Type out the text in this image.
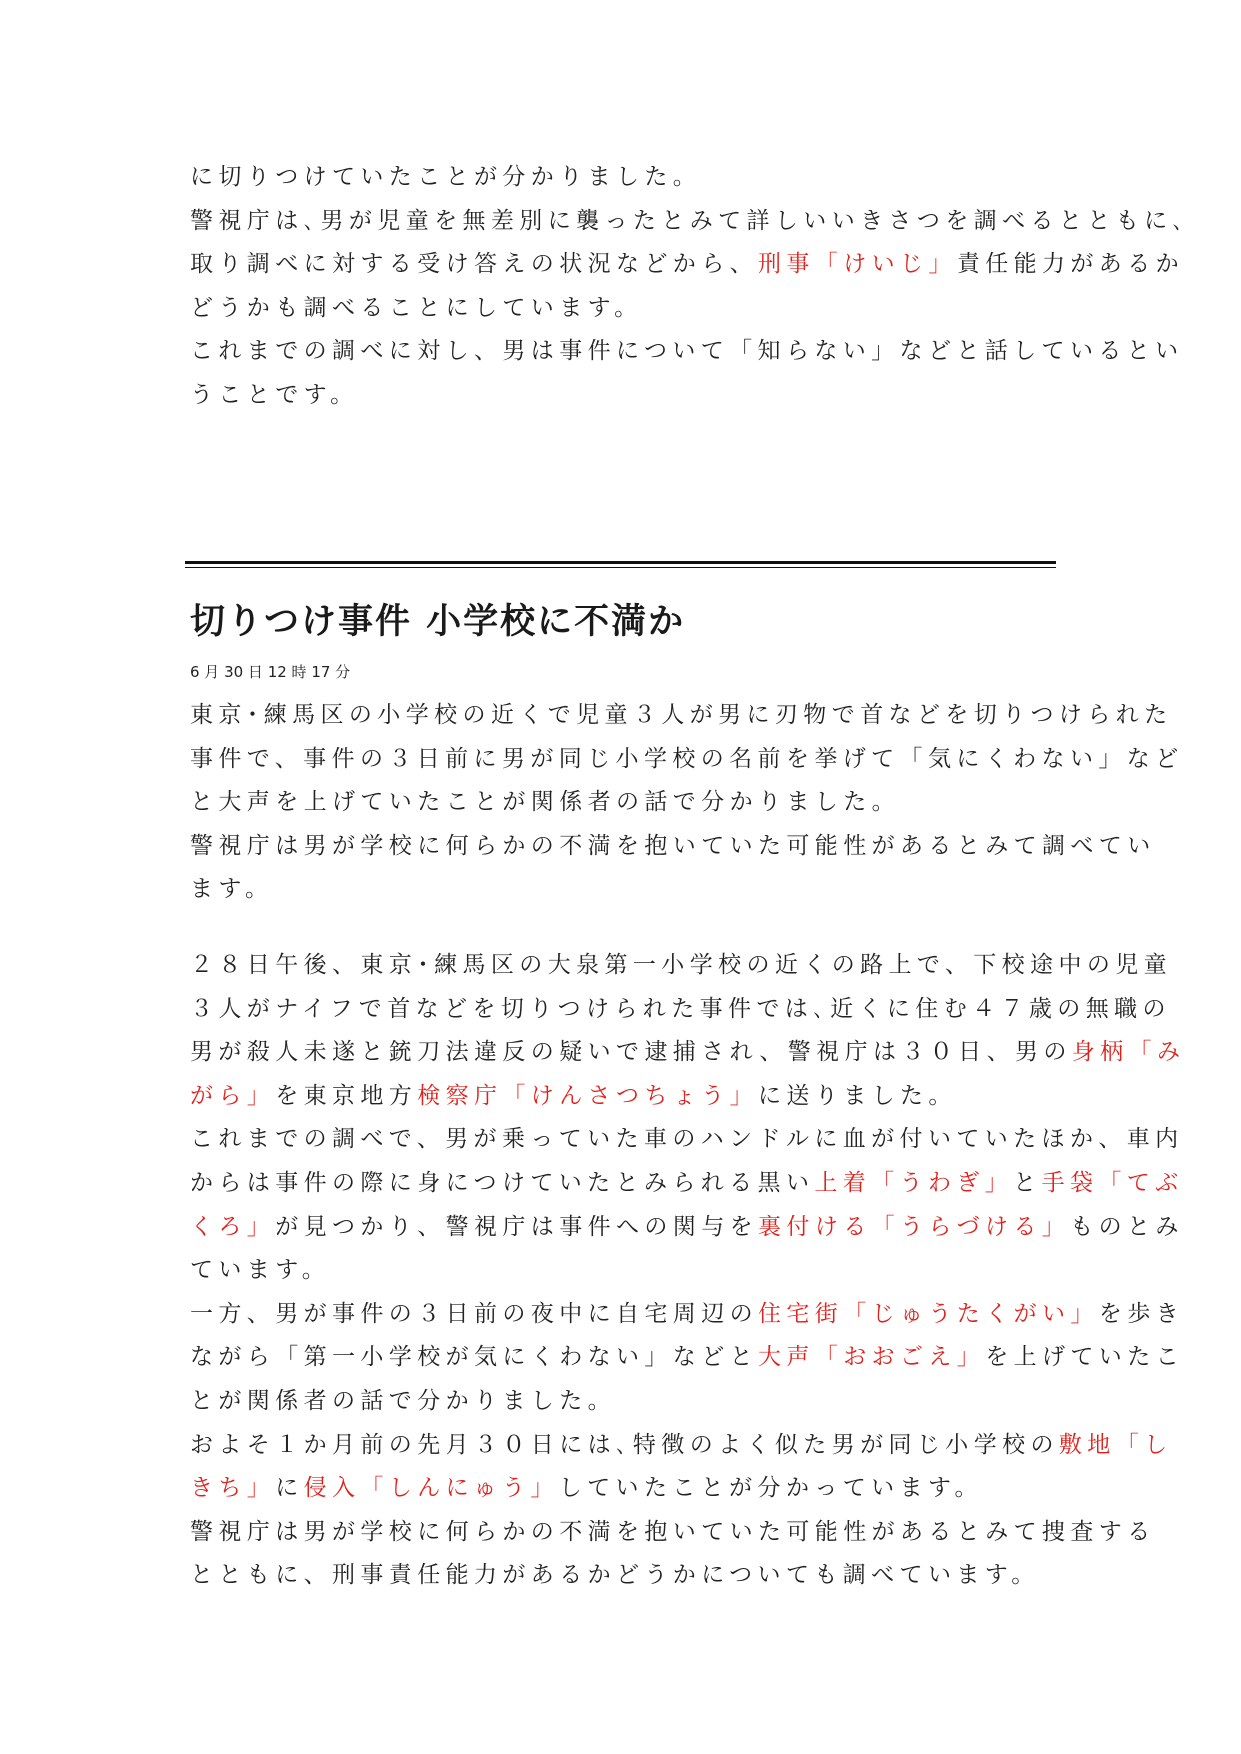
に切りつけていたことが分かりました。
警視庁は､男が児童を無差別に襲ったとみて詳しいいきさつを調べるとともに､
取り調べに対する受け答えの状況などから、刑事「けいじ」責任能力があるか
どうかも調べることにしています。
これまでの調べに対し、男は事件について「知らない」などと話しているとい
うことです。
切りつけ事件 小学校に不満か
6 月 30 日 12 時 17 分
東京･練馬区の小学校の近くで児童３人が男に刃物で首などを切りつけられた
事件で、事件の３日前に男が同じ小学校の名前を挙げて「気にくわない」など
と大声を上げていたことが関係者の話で分かりました。
警視庁は男が学校に何らかの不満を抱いていた可能性があるとみて調べてい
ます。
２８日午後、東京･練馬区の大泉第一小学校の近くの路上で、下校途中の児童
３人がナイフで首などを切りつけられた事件では､近くに住む４７歳の無職の
男が殺人未遂と銃刀法違反の疑いで逮捕され、警視庁は３０日、男の身柄「み
がら」を東京地方検察庁「けんさつちょう」に送りました。
これまでの調べで、男が乗っていた車のハンドルに血が付いていたほか、車内
からは事件の際に身につけていたとみられる黒い上着「うわぎ」と手袋「てぶ
くろ」が見つかり、警視庁は事件への関与を裏付ける「うらづける」ものとみ
ています。
一方、男が事件の３日前の夜中に自宅周辺の住宅街「じゅうたくがい」を歩き
ながら「第一小学校が気にくわない」などと大声「おおごえ」を上げていたこ
とが関係者の話で分かりました。
およそ１か月前の先月３０日には､特徴のよく似た男が同じ小学校の敷地「し
きち」に侵入「しんにゅう」していたことが分かっています。
警視庁は男が学校に何らかの不満を抱いていた可能性があるとみて捜査する
とともに、刑事責任能力があるかどうかについても調べています。
